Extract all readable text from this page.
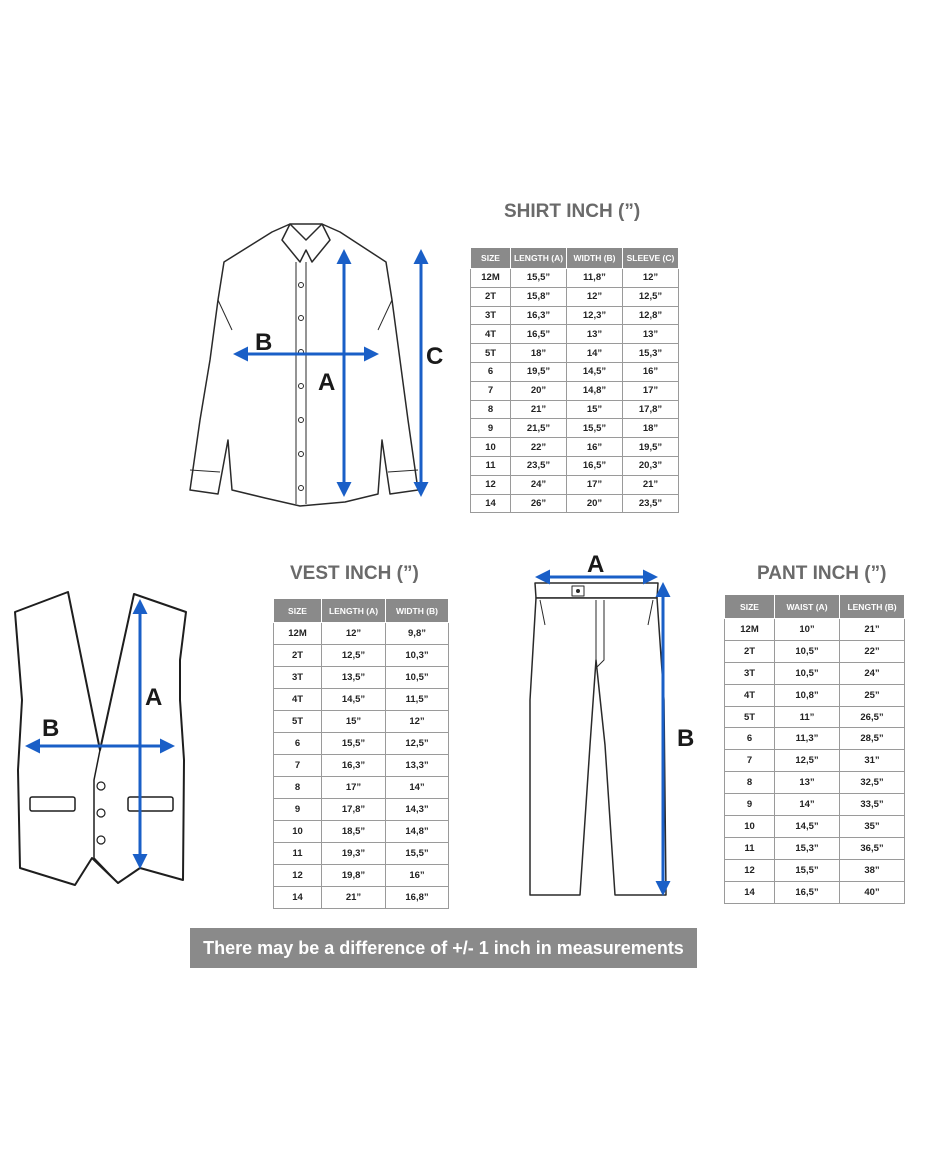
B
A
C
A
B
A
B
SHIRT INCH (”)
VEST INCH (”)	PANT INCH (”)
SIZE	LENGTH (A)	WIDTH (B)	SLEEVE (C)
12M	15,5”	11,8”	12”
2T	15,8”	12”	12,5”
3T	16,3”	12,3”	12,8”
4T	16,5”	13”	13”
5T	18”	14”	15,3”
6	19,5”	14,5”	16”
7	20”	14,8”	17”
8	21”	15”	17,8”
9	21,5”	15,5”	18”
10	22”	16”	19,5”
11	23,5”	16,5”	20,3”
12	24”	17”	21”
14	26”	20”	23,5”
SIZE	LENGTH (A)	WIDTH (B)
12M	12”	9,8”
2T	12,5”	10,3”
3T	13,5”	10,5”
4T	14,5”	11,5”
5T	15”	12”
6	15,5”	12,5”
7	16,3”	13,3”
8	17”	14”
9	17,8”	14,3”
10	18,5”	14,8”
11	19,3”	15,5”
12	19,8”	16”
14	21”	16,8”
SIZE	WAIST (A)	LENGTH (B)
12M	10”	21”
2T	10,5”	22”
3T	10,5”	24”
4T	10,8”	25”
5T	11”	26,5”
6	11,3”	28,5”
7	12,5”	31”
8	13”	32,5”
9	14”	33,5”
10	14,5”	35”
11	15,3”	36,5”
12	15,5”	38”
14	16,5”	40”
There may be a difference of +/- 1 inch in measurements
